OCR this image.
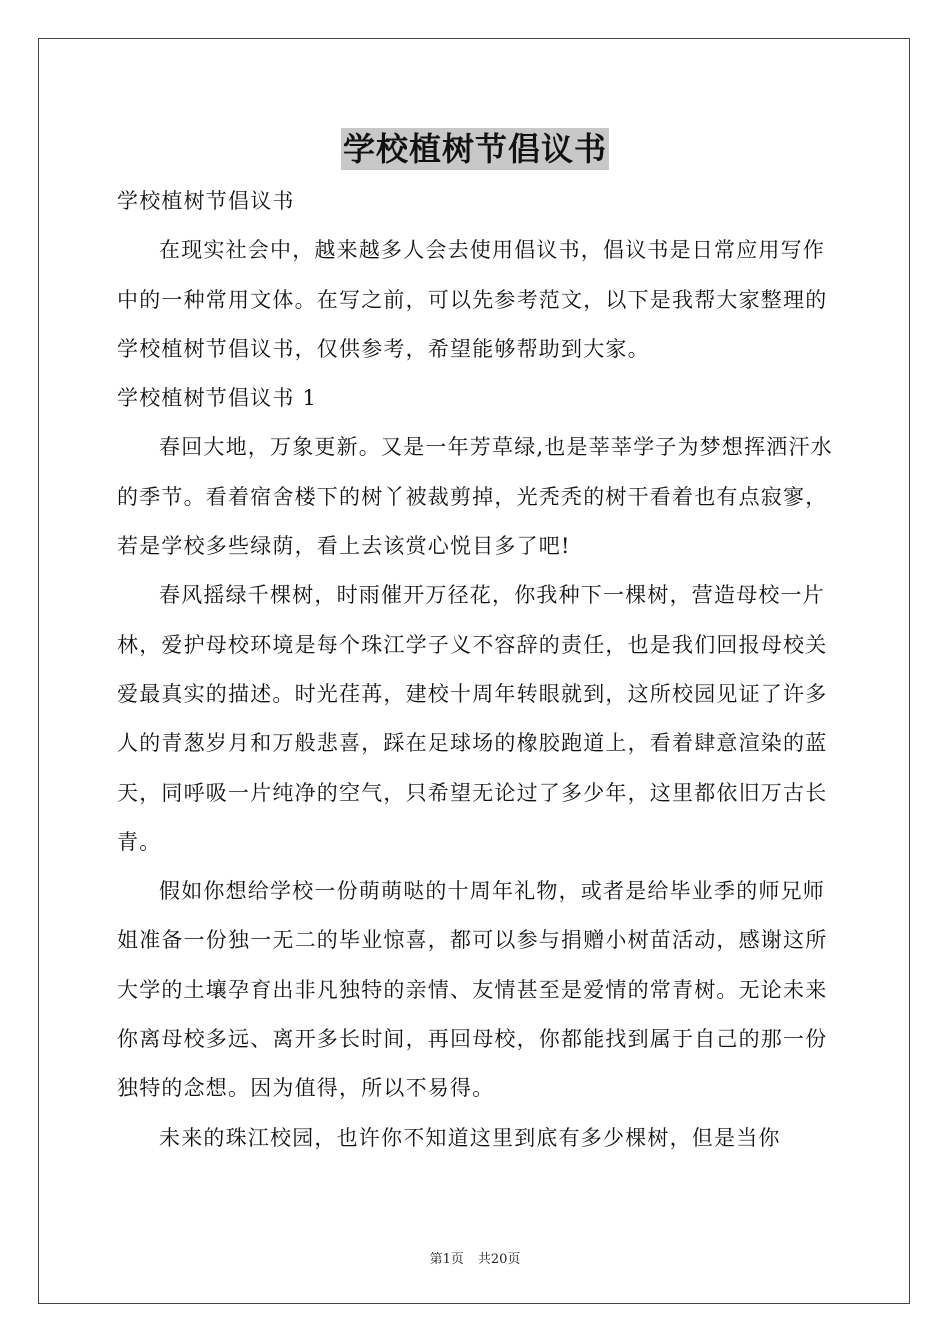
学校植树节倡议书

学校植树节倡议书

在现实社会中，越来越多人会去使用倡议书，倡议书是日常应用写作中的一种常用文体。在写之前，可以先参考范文，以下是我帮大家整理的学校植树节倡议书，仅供参考，希望能够帮助到大家。

学校植树节倡议书 1

春回大地，万象更新。又是一年芳草绿,也是莘莘学子为梦想挥洒汗水的季节。看着宿舍楼下的树丫被裁剪掉，光秃秃的树干看着也有点寂寥，若是学校多些绿荫，看上去该赏心悦目多了吧!

春风摇绿千棵树，时雨催开万径花，你我种下一棵树，营造母校一片林，爱护母校环境是每个珠江学子义不容辞的责任，也是我们回报母校关爱最真实的描述。时光荏苒，建校十周年转眼就到，这所校园见证了许多人的青葱岁月和万般悲喜，踩在足球场的橡胶跑道上，看着肆意渲染的蓝天，同呼吸一片纯净的空气，只希望无论过了多少年，这里都依旧万古长青。

假如你想给学校一份萌萌哒的十周年礼物，或者是给毕业季的师兄师姐准备一份独一无二的毕业惊喜，都可以参与捐赠小树苗活动，感谢这所大学的土壤孕育出非凡独特的亲情、友情甚至是爱情的常青树。无论未来你离母校多远、离开多长时间，再回母校，你都能找到属于自己的那一份独特的念想。因为值得，所以不易得。

未来的珠江校园，也许你不知道这里到底有多少棵树，但是当你

第1页 共20页
